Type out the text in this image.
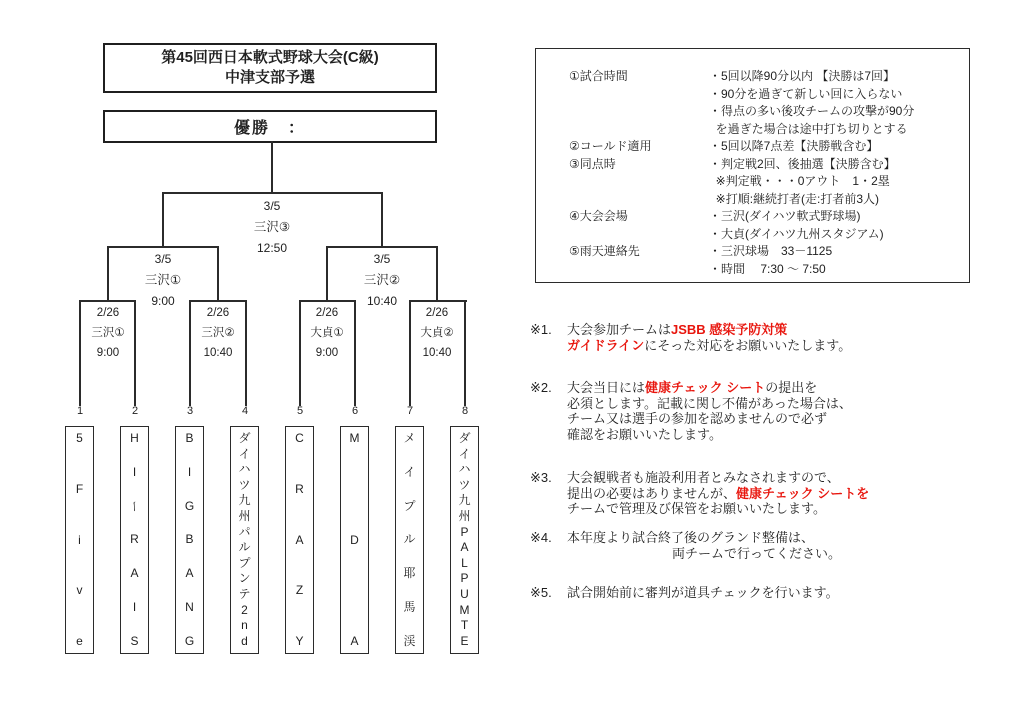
第45回西日本軟式野球大会(C級)
中津支部予選
優勝　：
3/5
三沢③
12:50
3/5
三沢①
9:00
3/5
三沢②
10:40
2/26
三沢①
9:00
2/26
三沢②
10:40
2/26
大貞①
9:00
2/26
大貞②
10:40
1
5
F
i
v
e
2
H
I
ー
R
A
I
S
3
B
I
G
B
A
N
G
4
ダ
イ
ハ
ツ
九
州
パ
ル
プ
ン
テ
2
n
d
5
C
R
A
Z
Y
6
M
D
A
7
メ
イ
プ
ル
耶
馬
渓
8
ダ
イ
ハ
ツ
九
州
P
A
L
P
U
M
T
E
①試合時間	・5回以降90分以内 【決勝は7回】
・90分を過ぎて新しい回に入らない
・得点の多い後攻チームの攻撃が90分
を過ぎた場合は途中打ち切りとする
②コールド適用	・5回以降7点差【決勝戦含む】
③同点時	・判定戦2回、後抽選【決勝含む】
※判定戦・・・0アウト　1・2塁
※打順:継続打者(走:打者前3人)
④大会会場	・三沢(ダイハツ軟式野球場)
・大貞(ダイハツ九州スタジアム)
⑤雨天連絡先	・三沢球場　33－1125
・時間　 7:30 ～ 7:50
※1.	大会参加チームはJSBB 感染予防対策
ガイドラインにそった対応をお願いいたします。
※2.	大会当日には健康チェック シートの提出を
必須とします。記載に関し不備があった場合は、
チーム又は選手の参加を認めませんので必ず
確認をお願いいたします。
※3.	大会観戦者も施設利用者とみなされますので、
提出の必要はありませんが、健康チェック シートを
チームで管理及び保管をお願いいたします。
※4.	本年度より試合終了後のグランド整備は、
両チームで行ってください。
※5.	試合開始前に審判が道具チェックを行います。
